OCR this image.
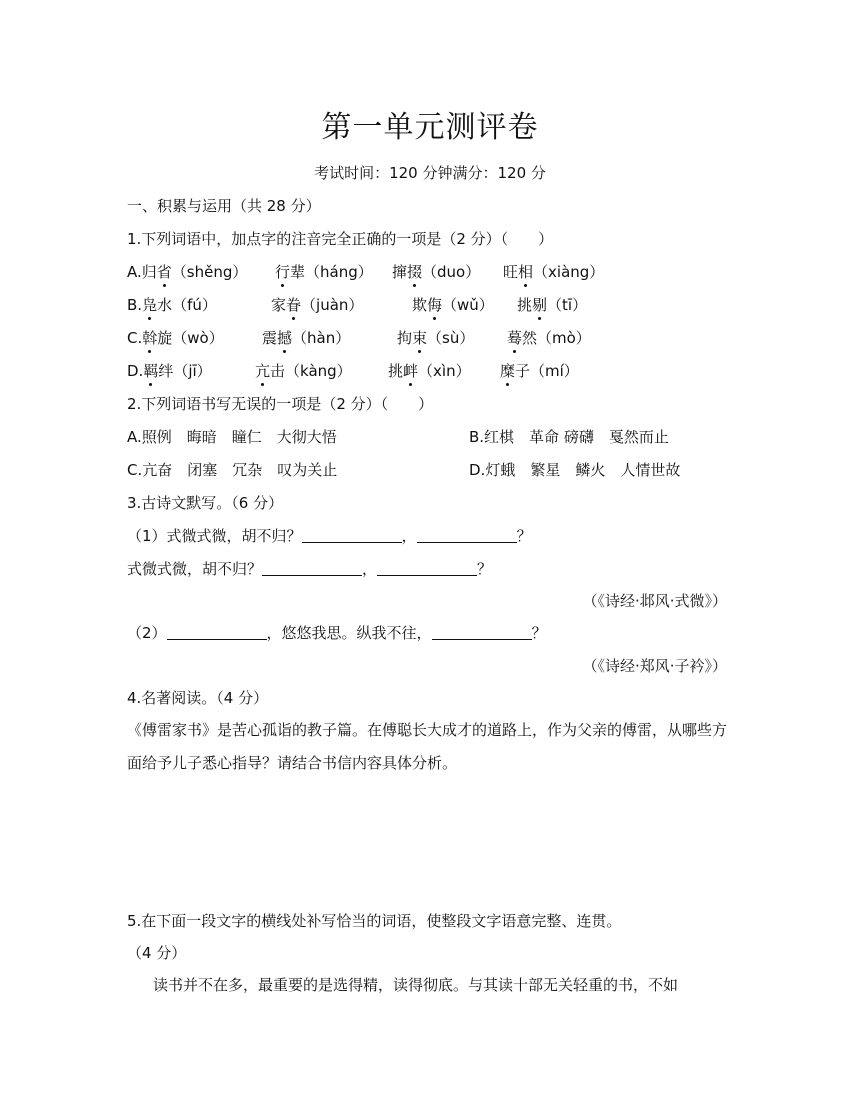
第一单元测评卷
考试时间：120 分钟满分：120 分
一、积累与运用（共 28 分）
1.下列词语中，加点字的注音完全正确的一项是（2 分）（　　）
A.归省（shěng） 行辈（háng） 撺掇（duo） 旺相（xiàng）
B.凫水（fú）	家眷（juàn）	欺侮（wǔ） 挑剔（tī）
C.斡旋（wò）	震撼（hàn）	拘束（sù） 蓦然（mò）
D.羁绊（jī）	亢击（kàng） 挑衅（xìn） 糜子（mí）
2.下列词语书写无误的一项是（2 分）（　　）
A.照例　晦暗　瞳仁　大彻大悟	B.红棋　革命 磅礴　戛然而止
C.亢奋　闭塞　冗杂　叹为关止	D.灯蛾　繁星　鳞火　人情世故
3.古诗文默写。（6 分）
（1）式微式微，胡不归？	，	？
式微式微，胡不归？	，	？
（《诗经·邶风·式微》）
（2）	，悠悠我思。纵我不往，	？
（《诗经·郑风·子衿》）
4.名著阅读。（4 分）
《傅雷家书》是苦心孤诣的教子篇。在傅聪长大成才的道路上，作为父亲的傅雷，从哪些方面给予儿子悉心指导？请结合书信内容具体分析。
5.在下面一段文字的横线处补写恰当的词语，使整段文字语意完整、连贯。
（4 分）
读书并不在多，最重要的是选得精，读得彻底。与其读十部无关轻重的书，不如
